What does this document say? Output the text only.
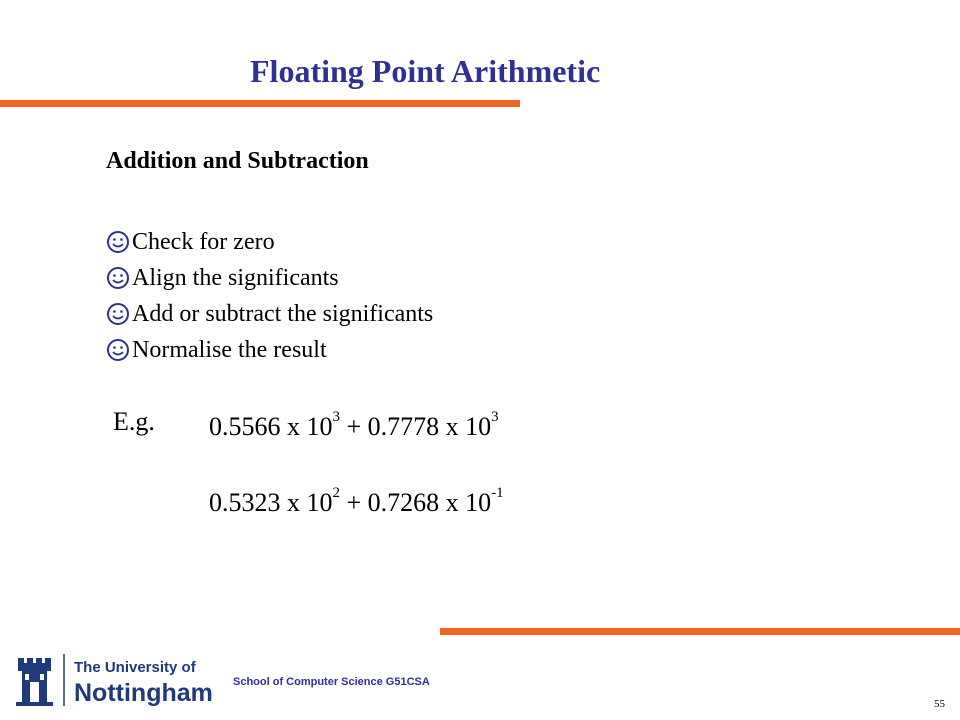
Floating Point Arithmetic
Addition and Subtraction
Check for zero
Align the significants
Add or subtract the significants
Normalise the result
E.g. 0.5566 x $10^3 + 0.7778$ x $10^3$
0.5323 x $10^2 + 0.7268$ x $10^{-1}$
The University of
Nottingham School of Computer Science G51CSA
55
